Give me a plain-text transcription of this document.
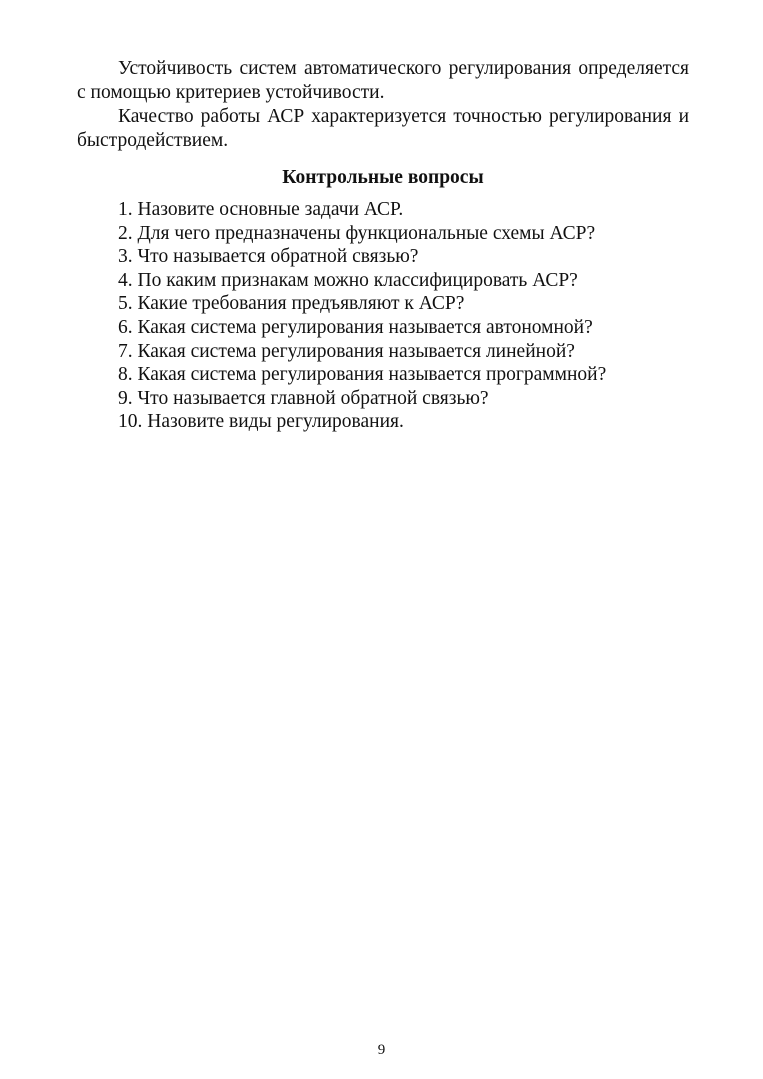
Устойчивость систем автоматического регулирования определяется с помощью критериев устойчивости.

Качество работы АСР характеризуется точностью регулирования и быстродействием.

Контрольные вопросы
1. Назовите основные задачи АСР.
2. Для чего предназначены функциональные схемы АСР?
3. Что называется обратной связью?
4. По каким признакам можно классифицировать АСР?
5. Какие требования предъявляют к АСР?
6. Какая система регулирования называется автономной?
7. Какая система регулирования называется линейной?
8. Какая система регулирования называется программной?
9. Что называется главной обратной связью?
10. Назовите виды регулирования.
9
